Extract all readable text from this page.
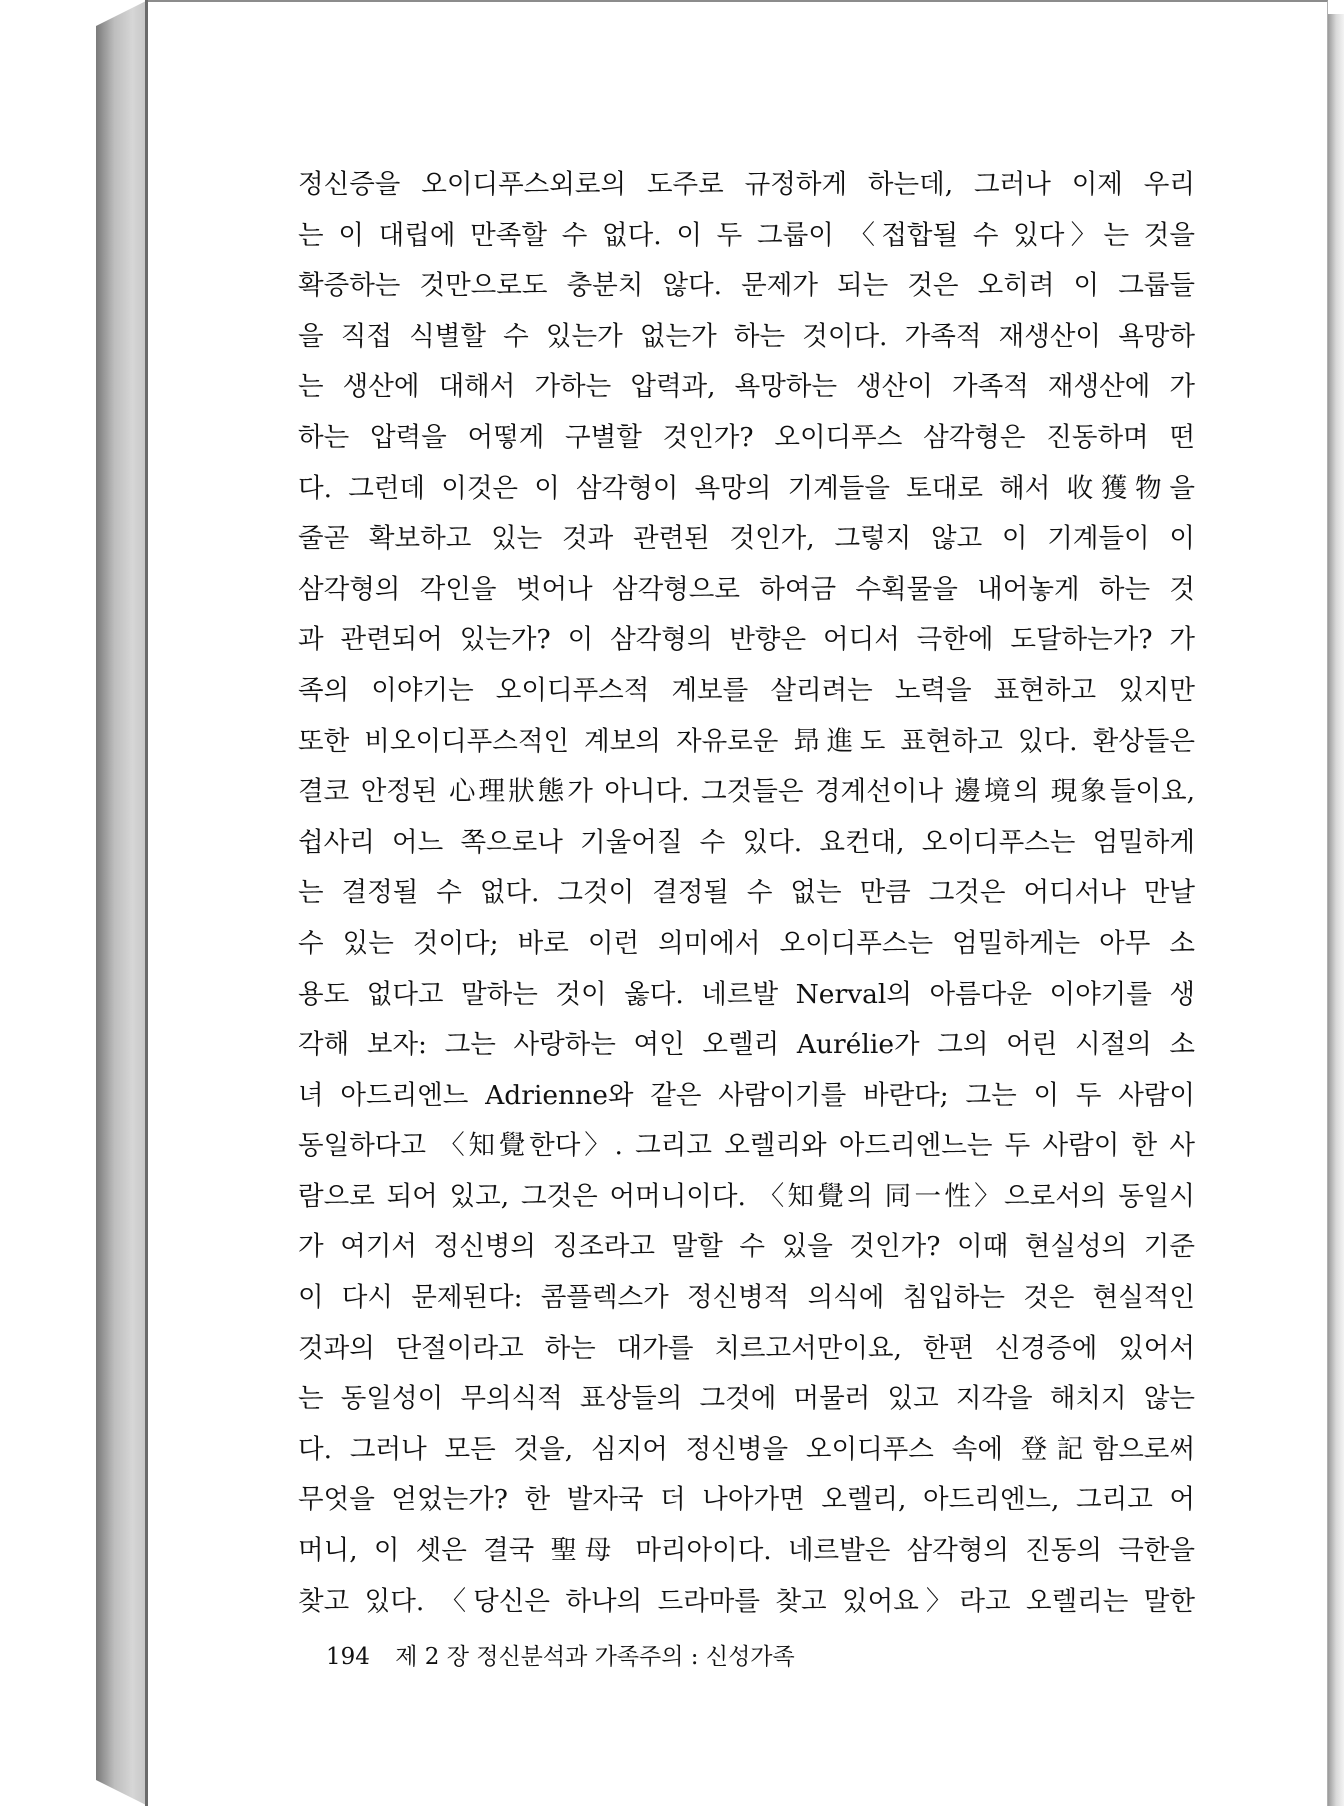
정신증을 오이디푸스외로의 도주로 규정하게 하는데, 그러나 이제 우리
는 이 대립에 만족할 수 없다. 이 두 그룹이 〈접합될 수 있다〉는 것을
확증하는 것만으로도 충분치 않다. 문제가 되는 것은 오히려 이 그룹들
을 직접 식별할 수 있는가 없는가 하는 것이다. 가족적 재생산이 욕망하
는 생산에 대해서 가하는 압력과, 욕망하는 생산이 가족적 재생산에 가
하는 압력을 어떻게 구별할 것인가? 오이디푸스 삼각형은 진동하며 떤
다. 그런데 이것은 이 삼각형이 욕망의 기계들을 토대로 해서 收獲物을
줄곧 확보하고 있는 것과 관련된 것인가, 그렇지 않고 이 기계들이 이
삼각형의 각인을 벗어나 삼각형으로 하여금 수획물을 내어놓게 하는 것
과 관련되어 있는가? 이 삼각형의 반향은 어디서 극한에 도달하는가? 가
족의 이야기는 오이디푸스적 계보를 살리려는 노력을 표현하고 있지만
또한 비오이디푸스적인 계보의 자유로운 昻進도 표현하고 있다. 환상들은
결코 안정된 心理狀態가 아니다. 그것들은 경계선이나 邊境의 現象들이요,
쉽사리 어느 쪽으로나 기울어질 수 있다. 요컨대, 오이디푸스는 엄밀하게
는 결정될 수 없다. 그것이 결정될 수 없는 만큼 그것은 어디서나 만날
수 있는 것이다; 바로 이런 의미에서 오이디푸스는 엄밀하게는 아무 소
용도 없다고 말하는 것이 옳다. 네르발 Nerval의 아름다운 이야기를 생
각해 보자: 그는 사랑하는 여인 오렐리 Aurélie가 그의 어린 시절의 소
녀 아드리엔느 Adrienne와 같은 사람이기를 바란다; 그는 이 두 사람이
동일하다고 〈知覺한다〉. 그리고 오렐리와 아드리엔느는 두 사람이 한 사
람으로 되어 있고, 그것은 어머니이다. 〈知覺의 同一性〉으로서의 동일시
가 여기서 정신병의 징조라고 말할 수 있을 것인가? 이때 현실성의 기준
이 다시 문제된다: 콤플렉스가 정신병적 의식에 침입하는 것은 현실적인
것과의 단절이라고 하는 대가를 치르고서만이요, 한편 신경증에 있어서
는 동일성이 무의식적 표상들의 그것에 머물러 있고 지각을 해치지 않는
다. 그러나 모든 것을, 심지어 정신병을 오이디푸스 속에 登記함으로써
무엇을 얻었는가? 한 발자국 더 나아가면 오렐리, 아드리엔느, 그리고 어
머니, 이 셋은 결국 聖母 마리아이다. 네르발은 삼각형의 진동의 극한을
찾고 있다. 〈당신은 하나의 드라마를 찾고 있어요〉라고 오렐리는 말한
194 제 2 장 정신분석과 가족주의 : 신성가족
